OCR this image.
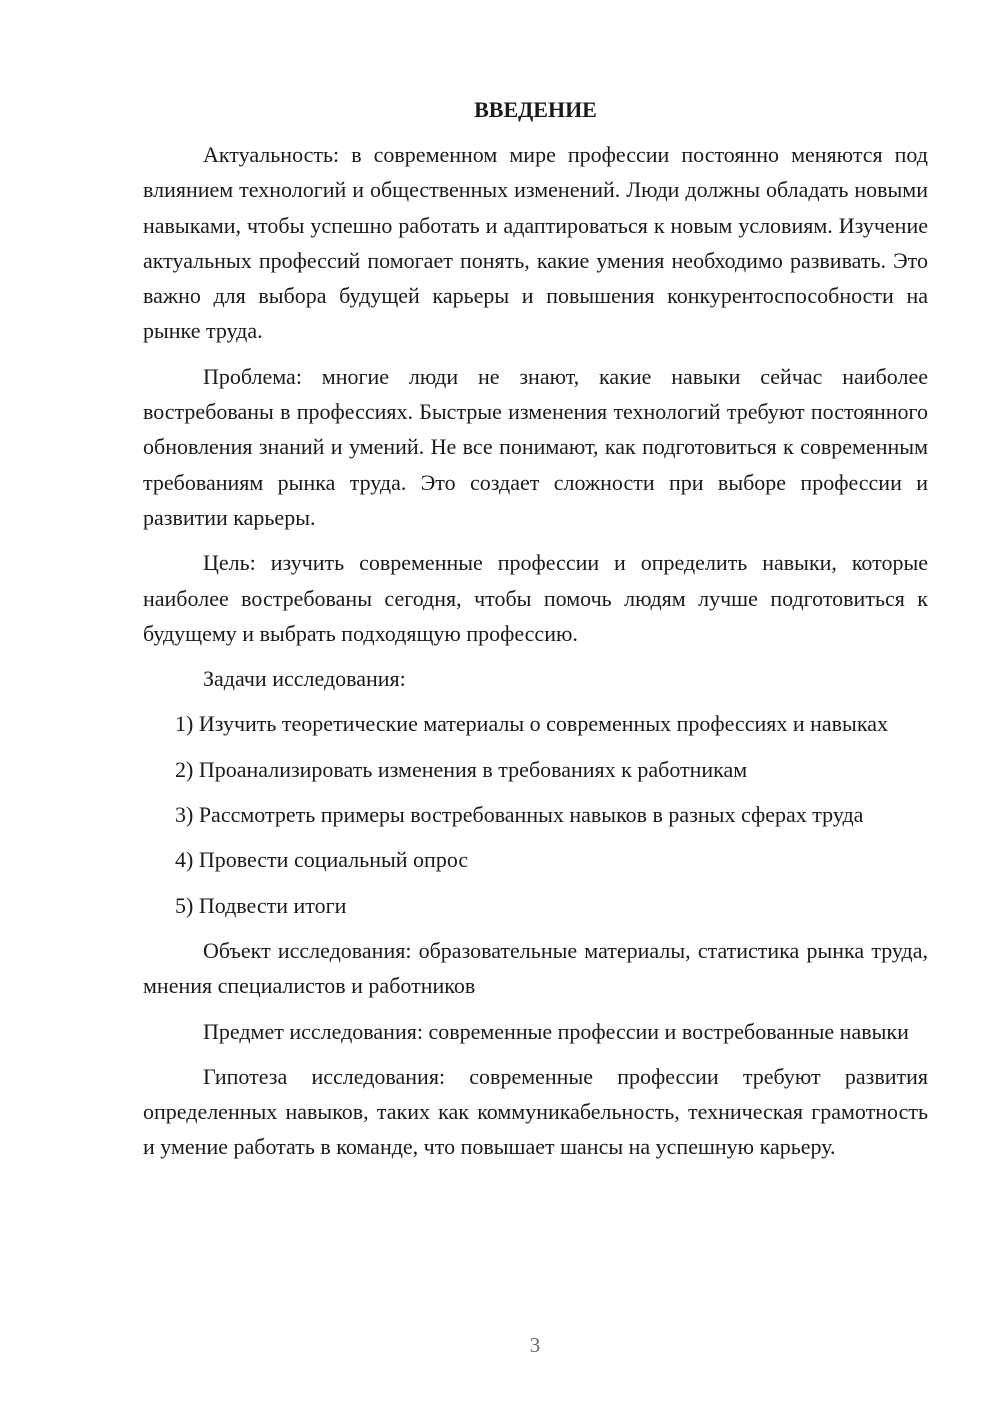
ВВЕДЕНИЕ

Актуальность: в современном мире профессии постоянно меняются под влиянием технологий и общественных изменений. Люди должны обладать новыми навыками, чтобы успешно работать и адаптироваться к новым условиям. Изучение актуальных профессий помогает понять, какие умения необходимо развивать. Это важно для выбора будущей карьеры и повышения конкурентоспособности на рынке труда.

Проблема: многие люди не знают, какие навыки сейчас наиболее востребованы в профессиях. Быстрые изменения технологий требуют постоянного обновления знаний и умений. Не все понимают, как подготовиться к современным требованиям рынка труда. Это создает сложности при выборе профессии и развитии карьеры.

Цель: изучить современные профессии и определить навыки, которые наиболее востребованы сегодня, чтобы помочь людям лучше подготовиться к будущему и выбрать подходящую профессию.

Задачи исследования:

1) Изучить теоретические материалы о современных профессиях и навыках

2) Проанализировать изменения в требованиях к работникам

3) Рассмотреть примеры востребованных навыков в разных сферах труда

4) Провести социальный опрос

5) Подвести итоги

Объект исследования: образовательные материалы, статистика рынка труда, мнения специалистов и работников

Предмет исследования: современные профессии и востребованные навыки

Гипотеза исследования: современные профессии требуют развития определенных навыков, таких как коммуникабельность, техническая грамотность и умение работать в команде, что повышает шансы на успешную карьеру.

3
